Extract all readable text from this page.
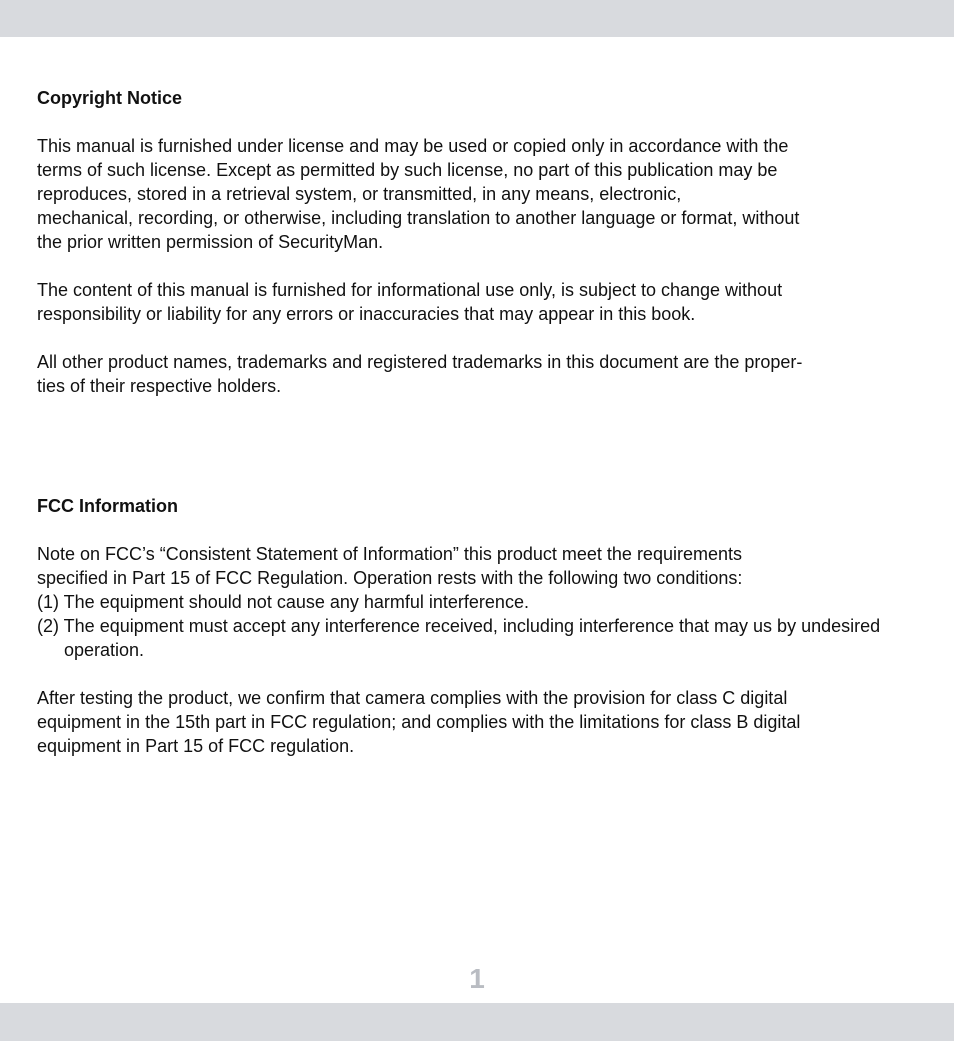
Copyright Notice

This manual is furnished under license and may be used or copied only in accordance with the
terms of such license. Except as permitted by such license, no part of this publication may be
reproduces, stored in a retrieval system, or transmitted, in any means, electronic,
mechanical, recording, or otherwise, including translation to another language or format, without
the prior written permission of SecurityMan.

The content of this manual is furnished for informational use only, is subject to change without
responsibility or liability for any errors or inaccuracies that may appear in this book.

All other product names, trademarks and registered trademarks in this document are the proper-
ties of their respective holders.

FCC Information

Note on FCC’s “Consistent Statement of Information” this product meet the requirements
specified in Part 15 of FCC Regulation. Operation rests with the following two conditions:

(1) The equipment should not cause any harmful interference.

(2) The equipment must accept any interference received, including interference that may us by undesired operation.

After testing the product, we confirm that camera complies with the provision for class C digital
equipment in the 15th part in FCC regulation; and complies with the limitations for class B digital
equipment in Part 15 of FCC regulation.

1
